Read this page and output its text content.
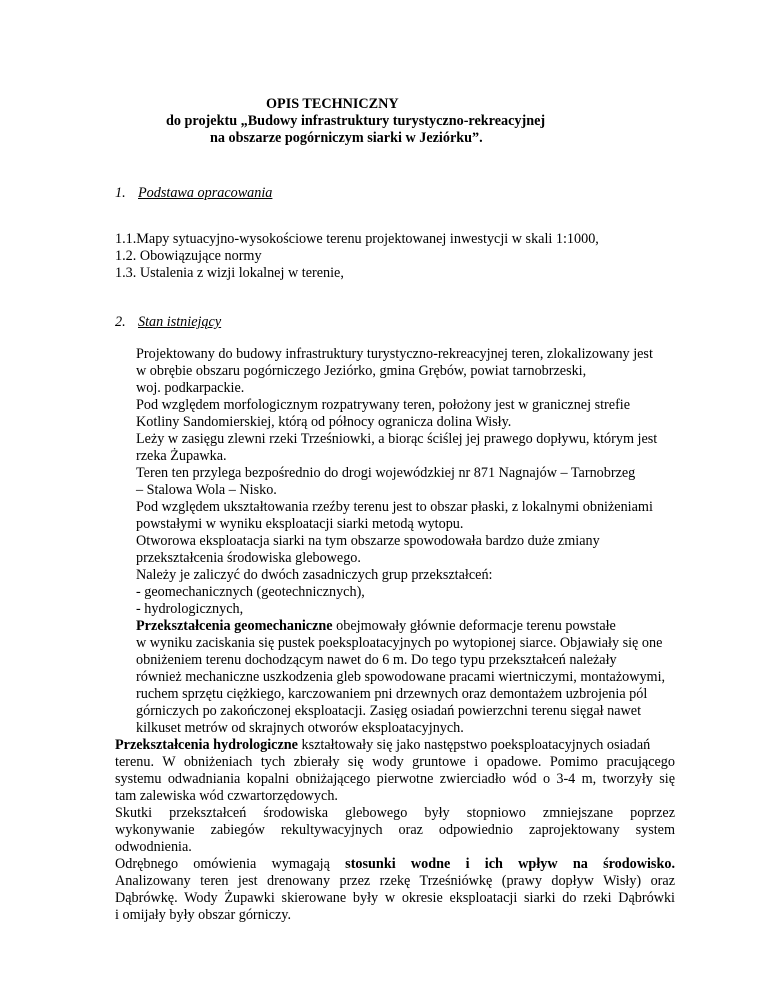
OPIS TECHNICZNY
do projektu „Budowy infrastruktury turystyczno-rekreacyjnej
na obszarze pogórniczym siarki w Jeziórku”.
1. Podstawa opracowania
1.1.Mapy sytuacyjno-wysokościowe terenu projektowanej inwestycji w skali 1:1000,
1.2. Obowiązujące normy
1.3. Ustalenia z wizji lokalnej w terenie,
2. Stan istniejący
Projektowany do budowy infrastruktury turystyczno-rekreacyjnej teren, zlokalizowany jest
w obrębie obszaru pogórniczego Jeziórko, gmina Grębów, powiat tarnobrzeski,
woj. podkarpackie.
Pod względem morfologicznym rozpatrywany teren, położony jest w granicznej strefie
Kotliny Sandomierskiej, którą od północy ogranicza dolina Wisły.
Leży w zasięgu zlewni rzeki Trześniowki, a biorąc ściślej jej prawego dopływu, którym jest
rzeka Żupawka.
Teren ten przylega bezpośrednio do drogi wojewódzkiej nr 871 Nagnajów – Tarnobrzeg
– Stalowa Wola – Nisko.
Pod względem ukształtowania rzeźby terenu jest to obszar płaski, z lokalnymi obniżeniami
powstałymi w wyniku eksploatacji siarki metodą wytopu.
Otworowa eksploatacja siarki na tym obszarze spowodowała bardzo duże zmiany
przekształcenia środowiska glebowego.
Należy je zaliczyć do dwóch zasadniczych grup przekształceń:
- geomechanicznych (geotechnicznych),
- hydrologicznych,
Przekształcenia geomechaniczne obejmowały głównie deformacje terenu powstałe
w wyniku zaciskania się pustek poeksploatacyjnych po wytopionej siarce. Objawiały się one
obniżeniem terenu dochodzącym nawet do 6 m. Do tego typu przekształceń należały
również mechaniczne uszkodzenia gleb spowodowane pracami wiertniczymi, montażowymi,
ruchem sprzętu ciężkiego, karczowaniem pni drzewnych oraz demontażem uzbrojenia pól
górniczych po zakończonej eksploatacji. Zasięg osiadań powierzchni terenu sięgał nawet
kilkuset metrów od skrajnych otworów eksploatacyjnych.
Przekształcenia hydrologiczne kształtowały się jako następstwo poeksploatacyjnych osiadań
terenu. W obniżeniach tych zbierały się wody gruntowe i opadowe. Pomimo pracującego
systemu odwadniania kopalni obniżającego pierwotne zwierciadło wód o 3-4 m, tworzyły się
tam zalewiska wód czwartorzędowych.
Skutki przekształceń środowiska glebowego były stopniowo zmniejszane poprzez
wykonywanie zabiegów rekultywacyjnych oraz odpowiednio zaprojektowany system
odwodnienia.
Odrębnego omówienia wymagają stosunki wodne i ich wpływ na środowisko.
Analizowany teren jest drenowany przez rzekę Trześniówkę (prawy dopływ Wisły) oraz
Dąbrówkę. Wody Żupawki skierowane były w okresie eksploatacji siarki do rzeki Dąbrówki
i omijały były obszar górniczy.
